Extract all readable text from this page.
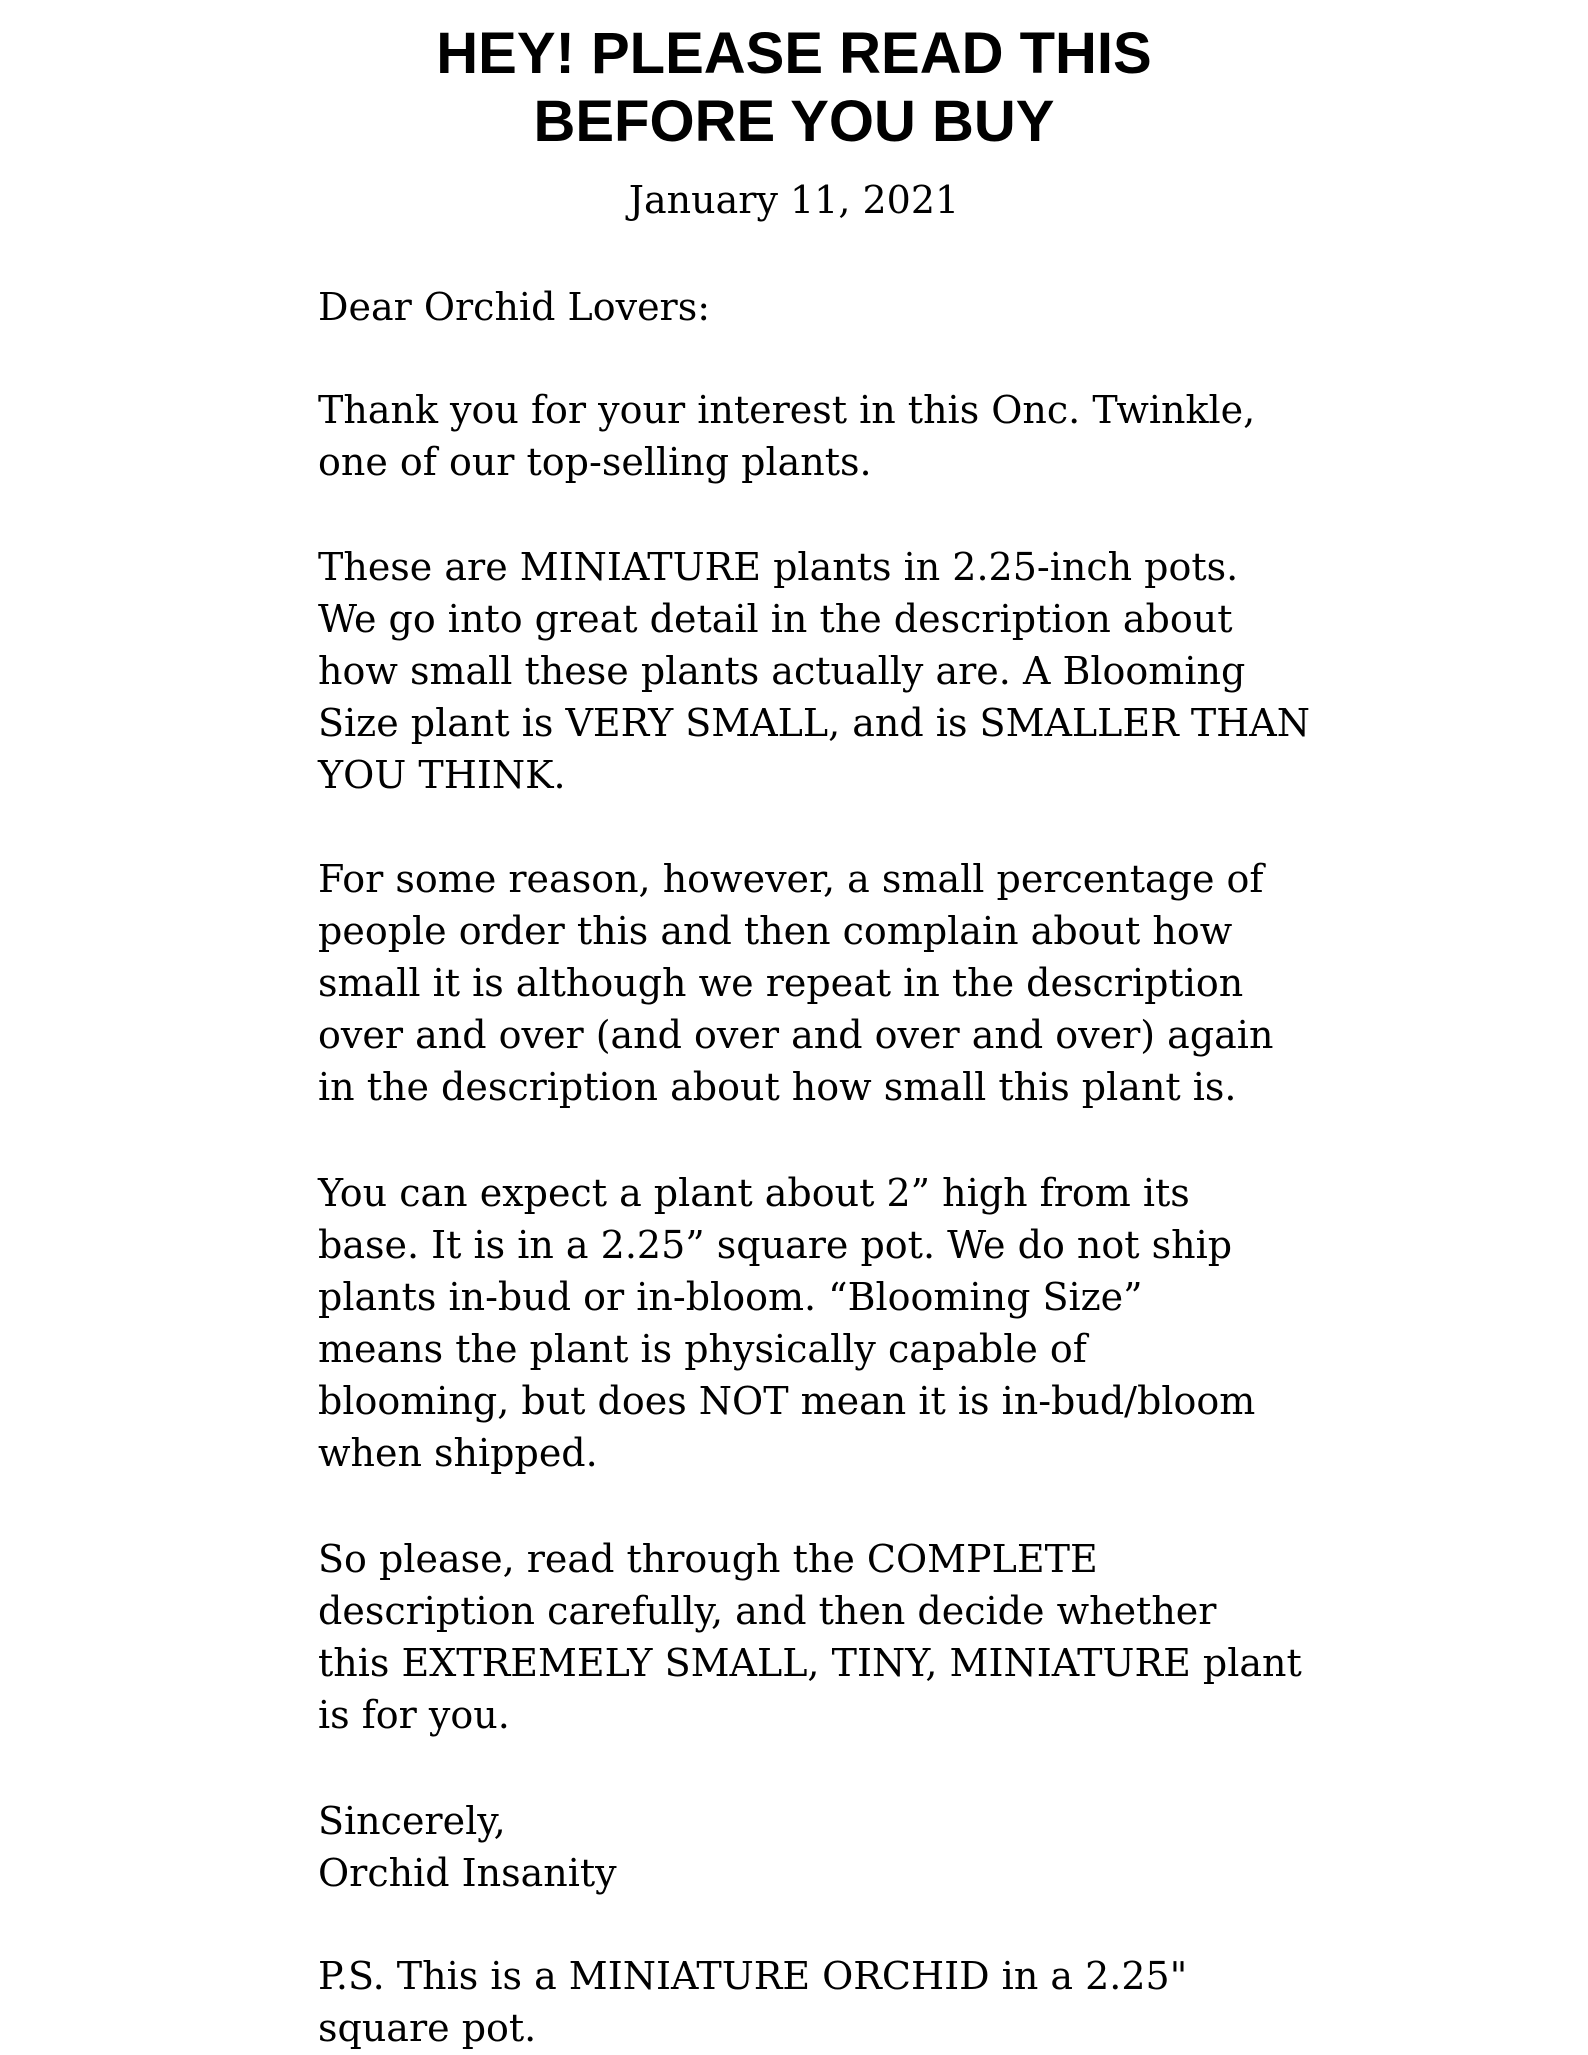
HEY! PLEASE READ THIS
BEFORE YOU BUY
January 11, 2021
Dear Orchid Lovers:
Thank you for your interest in this Onc. Twinkle,
one of our top-selling plants.
These are MINIATURE plants in 2.25-inch pots.
We go into great detail in the description about
how small these plants actually are. A Blooming
Size plant is VERY SMALL, and is SMALLER THAN
YOU THINK.
For some reason, however, a small percentage of
people order this and then complain about how
small it is although we repeat in the description
over and over (and over and over and over) again
in the description about how small this plant is.
You can expect a plant about 2” high from its
base. It is in a 2.25” square pot. We do not ship
plants in-bud or in-bloom. “Blooming Size”
means the plant is physically capable of
blooming, but does NOT mean it is in-bud/bloom
when shipped.
So please, read through the COMPLETE
description carefully, and then decide whether
this EXTREMELY SMALL, TINY, MINIATURE plant
is for you.
Sincerely,
Orchid Insanity
P.S. This is a MINIATURE ORCHID in a 2.25"
square pot.
